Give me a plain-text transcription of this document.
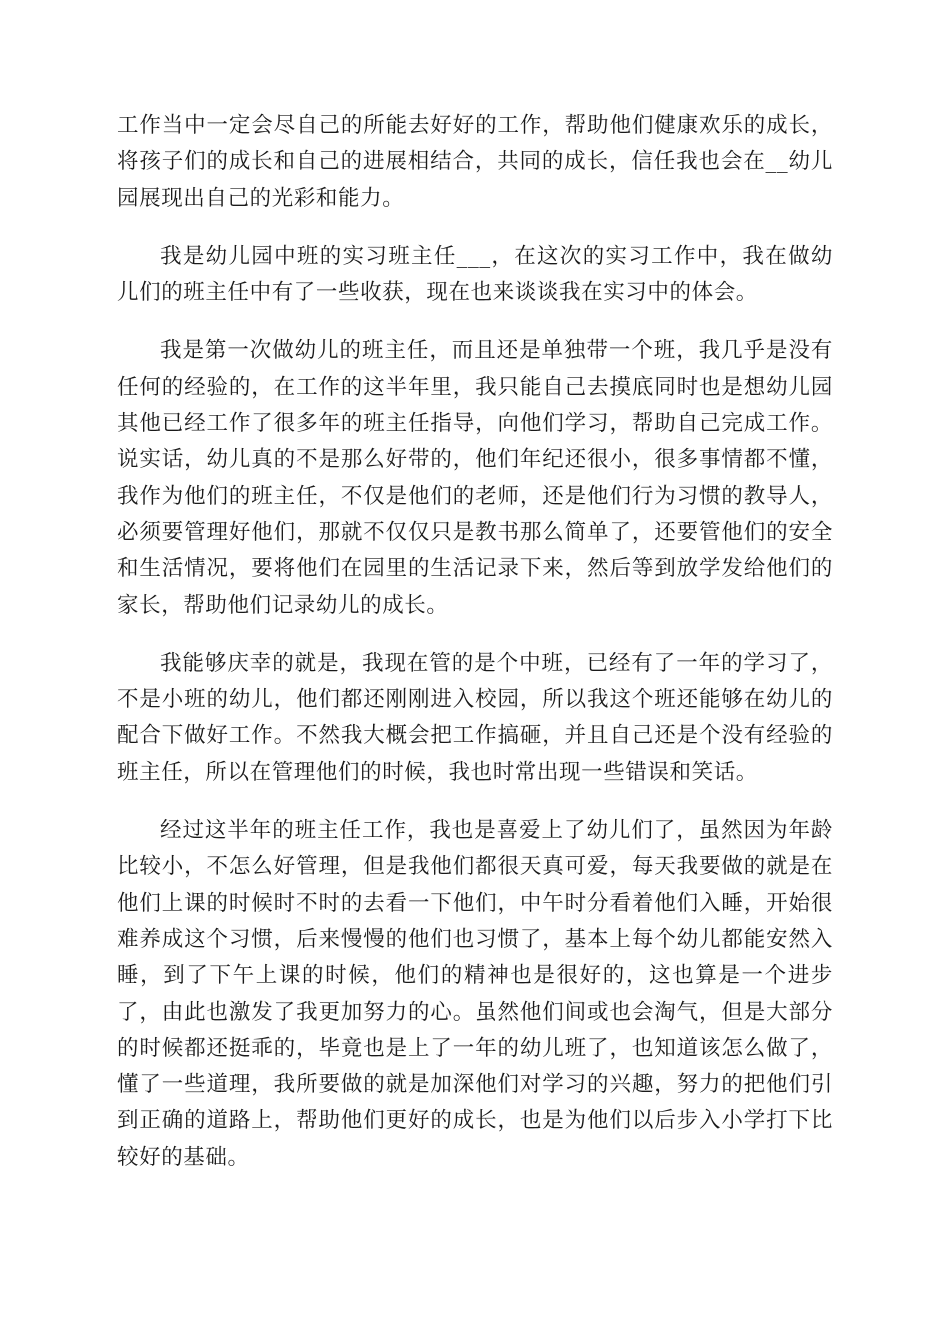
工作当中一定会尽自己的所能去好好的工作，帮助他们健康欢乐的成长，将孩子们的成长和自己的进展相结合，共同的成长，信任我也会在__幼儿园展现出自己的光彩和能力。

我是幼儿园中班的实习班主任___，在这次的实习工作中，我在做幼儿们的班主任中有了一些收获，现在也来谈谈我在实习中的体会。

我是第一次做幼儿的班主任，而且还是单独带一个班，我几乎是没有任何的经验的，在工作的这半年里，我只能自己去摸底同时也是想幼儿园其他已经工作了很多年的班主任指导，向他们学习，帮助自己完成工作。说实话，幼儿真的不是那么好带的，他们年纪还很小，很多事情都不懂，我作为他们的班主任，不仅是他们的老师，还是他们行为习惯的教导人，必须要管理好他们，那就不仅仅只是教书那么简单了，还要管他们的安全和生活情况，要将他们在园里的生活记录下来，然后等到放学发给他们的家长，帮助他们记录幼儿的成长。

我能够庆幸的就是，我现在管的是个中班，已经有了一年的学习了，不是小班的幼儿，他们都还刚刚进入校园，所以我这个班还能够在幼儿的配合下做好工作。不然我大概会把工作搞砸，并且自己还是个没有经验的班主任，所以在管理他们的时候，我也时常出现一些错误和笑话。

经过这半年的班主任工作，我也是喜爱上了幼儿们了，虽然因为年龄比较小，不怎么好管理，但是我他们都很天真可爱，每天我要做的就是在他们上课的时候时不时的去看一下他们，中午时分看着他们入睡，开始很难养成这个习惯，后来慢慢的他们也习惯了，基本上每个幼儿都能安然入睡，到了下午上课的时候，他们的精神也是很好的，这也算是一个进步了，由此也激发了我更加努力的心。虽然他们间或也会淘气，但是大部分的时候都还挺乖的，毕竟也是上了一年的幼儿班了，也知道该怎么做了，懂了一些道理，我所要做的就是加深他们对学习的兴趣，努力的把他们引到正确的道路上，帮助他们更好的成长，也是为他们以后步入小学打下比较好的基础。
